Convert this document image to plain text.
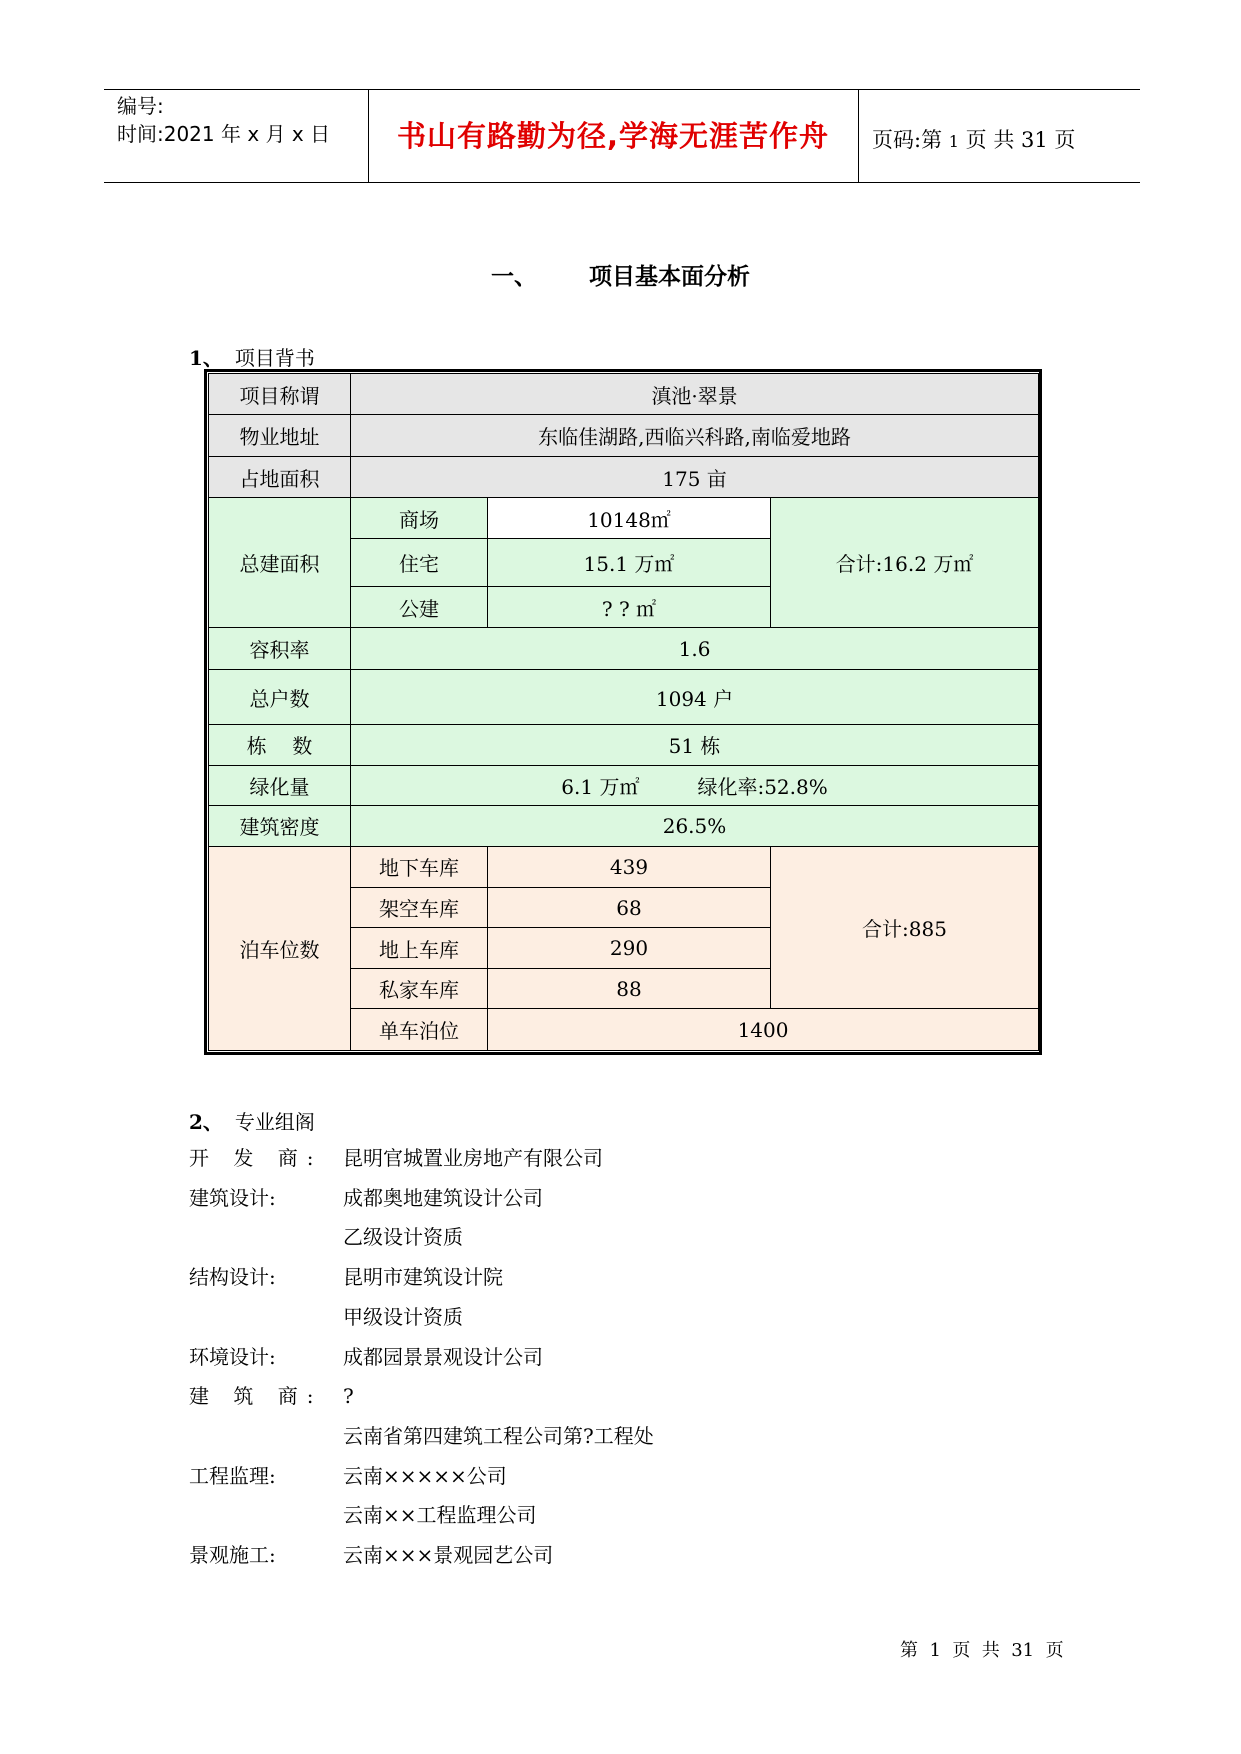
编号:
时间:2021 年 x 月 x 日	书山有路勤为径,学海无涯苦作舟	页码:第 1 页 共 31 页
一、 项目基本面分析
1、 项目背书
项目称谓	滇池·翠景		
物业地址	东临佳湖路,西临兴科路,南临爱地路		
占地面积	175 亩		
总建面积	商场	10148㎡	合计:16.2 万㎡
	住宅	15.1 万㎡	
	公建	? ? ㎡	
容积率	1.6		
总户数	1094 户		
栋    数	51 栋		
绿化量	6.1 万㎡ 绿化率:52.8%		
建筑密度	26.5%		
泊车位数	地下车库	439	合计:885
	架空车库	68	
	地上车库	290	
	私家车库	88	
	单车泊位	1400	
2、 专业组阁
开 发 商:	昆明官城置业房地产有限公司
建筑设计:	成都奥地建筑设计公司
乙级设计资质
结构设计:	昆明市建筑设计院
甲级设计资质
环境设计:	成都园景景观设计公司
建 筑 商:	?
云南省第四建筑工程公司第?工程处
工程监理:	云南×××××公司
云南××工程监理公司
景观施工:	云南×××景观园艺公司
第  1  页  共  31  页
